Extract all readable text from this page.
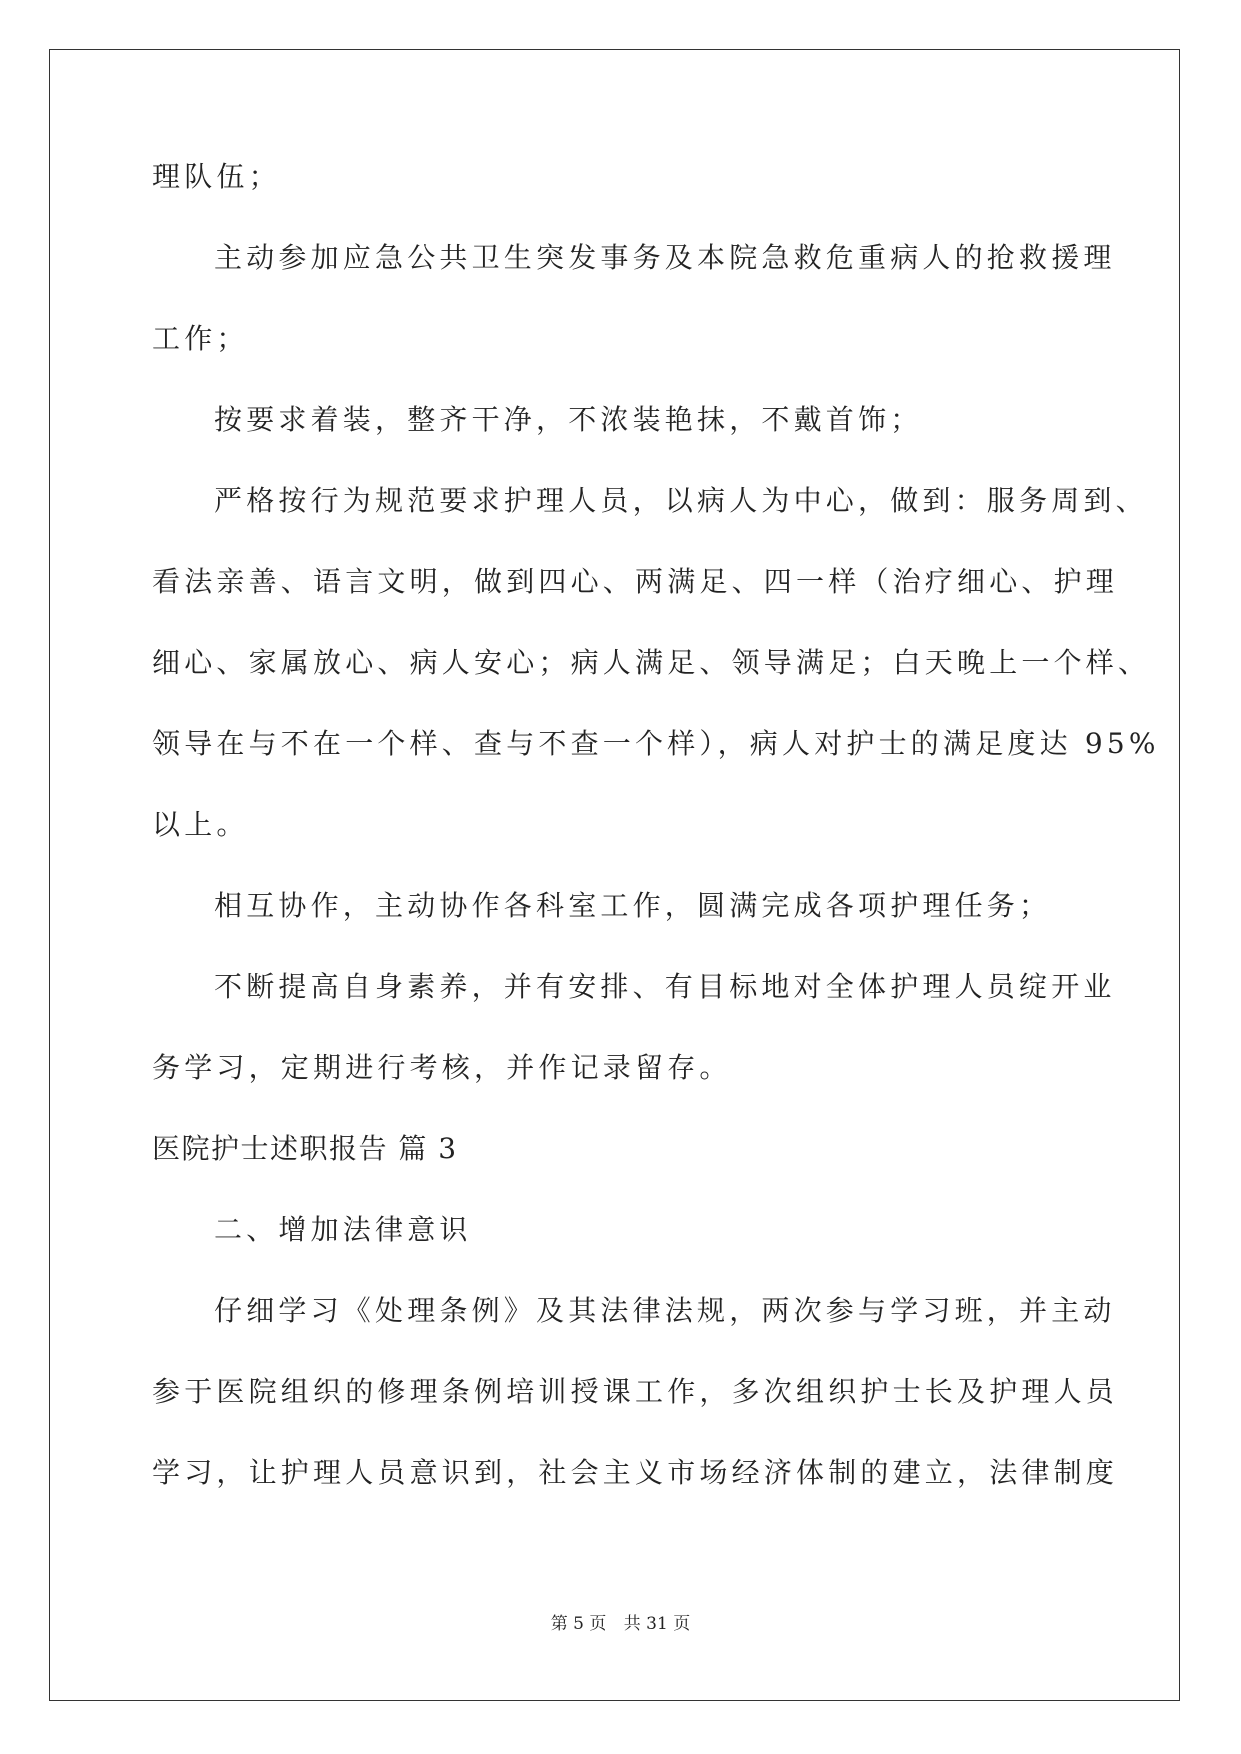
理队伍；
主动参加应急公共卫生突发事务及本院急救危重病人的抢救援理
工作；
按要求着装，整齐干净，不浓装艳抹，不戴首饰；
严格按行为规范要求护理人员，以病人为中心，做到：服务周到、
看法亲善、语言文明，做到四心、两满足、四一样（治疗细心、护理
细心、家属放心、病人安心；病人满足、领导满足；白天晚上一个样、
领导在与不在一个样、查与不查一个样），病人对护士的满足度达 95%
以上。
相互协作，主动协作各科室工作，圆满完成各项护理任务；
不断提高自身素养，并有安排、有目标地对全体护理人员绽开业
务学习，定期进行考核，并作记录留存。
医院护士述职报告 篇 3
二、增加法律意识
仔细学习《处理条例》及其法律法规，两次参与学习班，并主动
参于医院组织的修理条例培训授课工作，多次组织护士长及护理人员
学习，让护理人员意识到，社会主义市场经济体制的建立，法律制度
第 5 页 共 31 页
